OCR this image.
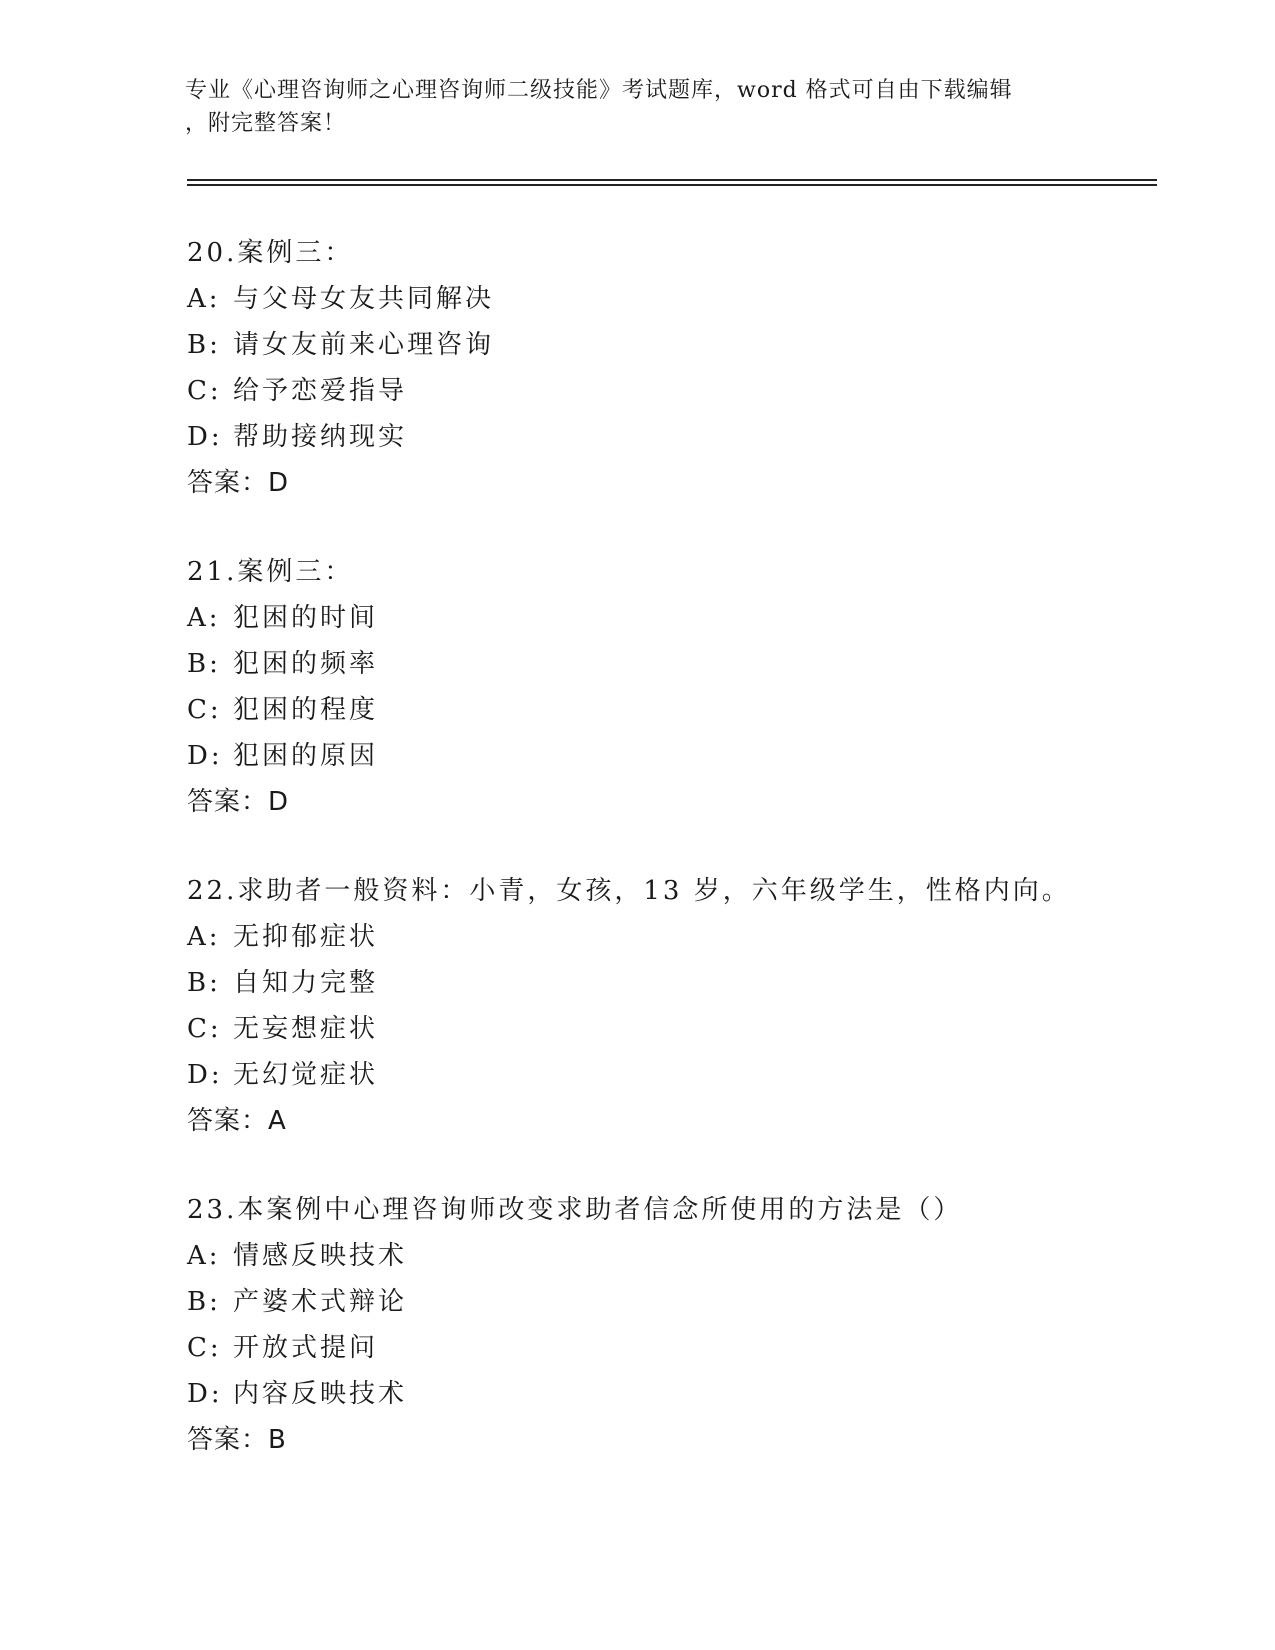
专业《心理咨询师之心理咨询师二级技能》考试题库，word 格式可自由下载编辑
，附完整答案！
20.案例三：
A: 与父母女友共同解决
B: 请女友前来心理咨询
C: 给予恋爱指导
D: 帮助接纳现实
答案：D
21.案例三：
A: 犯困的时间
B: 犯困的频率
C: 犯困的程度
D: 犯困的原因
答案：D
22.求助者一般资料：小青，女孩，13 岁，六年级学生，性格内向。
A: 无抑郁症状
B: 自知力完整
C: 无妄想症状
D: 无幻觉症状
答案：A
23.本案例中心理咨询师改变求助者信念所使用的方法是（）
A: 情感反映技术
B: 产婆术式辩论
C: 开放式提问
D: 内容反映技术
答案：B
